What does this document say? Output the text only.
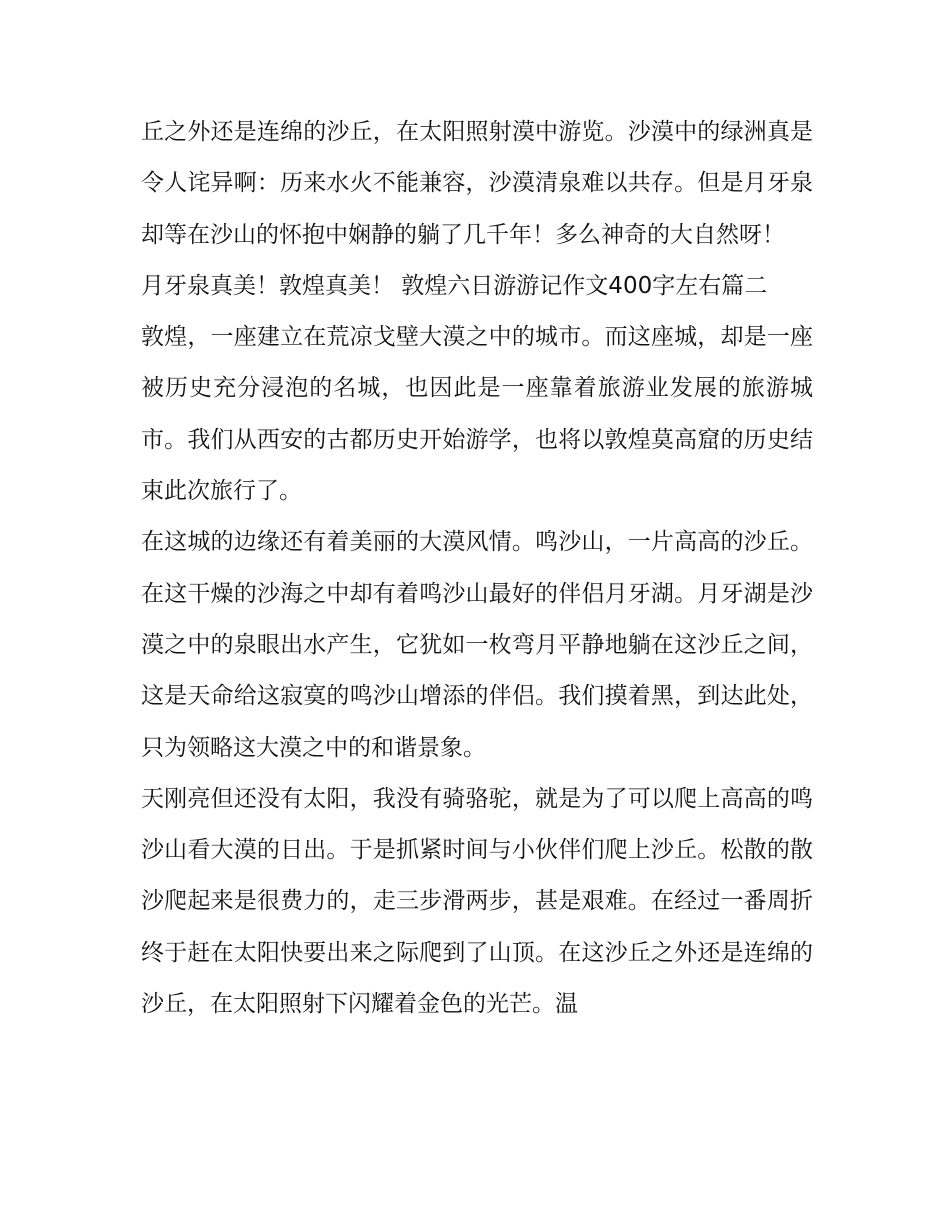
丘之外还是连绵的沙丘，在太阳照射漠中游览。沙漠中的绿洲真是令人诧异啊：历来水火不能兼容，沙漠清泉难以共存。但是月牙泉却等在沙山的怀抱中娴静的躺了几千年！多么神奇的大自然呀！

月牙泉真美！敦煌真美！ 敦煌六日游游记作文400字左右篇二

敦煌，一座建立在荒凉戈壁大漠之中的城市。而这座城，却是一座被历史充分浸泡的名城，也因此是一座靠着旅游业发展的旅游城市。我们从西安的古都历史开始游学，也将以敦煌莫高窟的历史结束此次旅行了。

在这城的边缘还有着美丽的大漠风情。鸣沙山，一片高高的沙丘。在这干燥的沙海之中却有着鸣沙山最好的伴侣月牙湖。月牙湖是沙漠之中的泉眼出水产生，它犹如一枚弯月平静地躺在这沙丘之间，这是天命给这寂寞的鸣沙山增添的伴侣。我们摸着黑，到达此处，只为领略这大漠之中的和谐景象。

天刚亮但还没有太阳，我没有骑骆驼，就是为了可以爬上高高的鸣沙山看大漠的日出。于是抓紧时间与小伙伴们爬上沙丘。松散的散沙爬起来是很费力的，走三步滑两步，甚是艰难。在经过一番周折终于赶在太阳快要出来之际爬到了山顶。在这沙丘之外还是连绵的沙丘，在太阳照射下闪耀着金色的光芒。温
